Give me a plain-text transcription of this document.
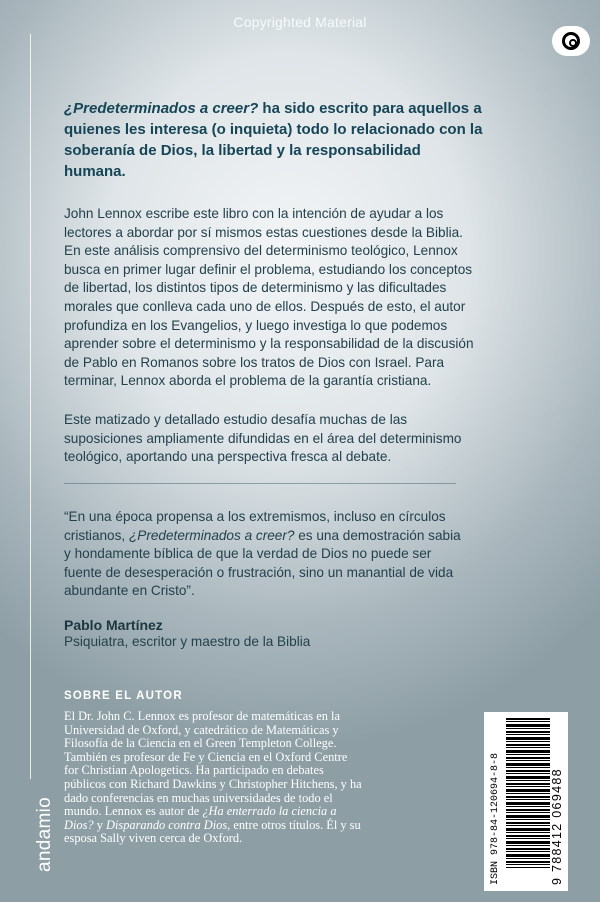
Copyrighted Material
andamio
¿Predeterminados a creer? ha sido escrito para aquellos a quienes les interesa (o inquieta) todo lo relacionado con la soberanía de Dios, la libertad y la responsabilidad humana.
John Lennox escribe este libro con la intención de ayudar a los lectores a abordar por sí mismos estas cuestiones desde la Biblia. En este análisis comprensivo del determinismo teológico, Lennox busca en primer lugar definir el problema, estudiando los conceptos de libertad, los distintos tipos de determinismo y las dificultades morales que conlleva cada uno de ellos. Después de esto, el autor profundiza en los Evangelios, y luego investiga lo que podemos aprender sobre el determinismo y la responsabilidad de la discusión de Pablo en Romanos sobre los tratos de Dios con Israel. Para terminar, Lennox aborda el problema de la garantía cristiana.
Este matizado y detallado estudio desafía muchas de las suposiciones ampliamente difundidas en el área del determinismo teológico, aportando una perspectiva fresca al debate.
“En una época propensa a los extremismos, incluso en círculos cristianos, ¿Predeterminados a creer? es una demostración sabia y hondamente bíblica de que la verdad de Dios no puede ser fuente de desesperación o frustración, sino un manantial de vida abundante en Cristo”.
Pablo Martínez
Psiquiatra, escritor y maestro de la Biblia
SOBRE EL AUTOR
El Dr. John C. Lennox es profesor de matemáticas en la Universidad de Oxford, y catedrático de Matemáticas y Filosofía de la Ciencia en el Green Templeton College. También es profesor de Fe y Ciencia en el Oxford Centre for Christian Apologetics. Ha participado en debates públicos con Richard Dawkins y Christopher Hitchens, y ha dado conferencias en muchas universidades de todo el mundo. Lennox es autor de ¿Ha enterrado la ciencia a Dios? y Disparando contra Dios, entre otros títulos. Él y su esposa Sally viven cerca de Oxford.	ISBN 978-84-120694-8-8	9 788412 069488
